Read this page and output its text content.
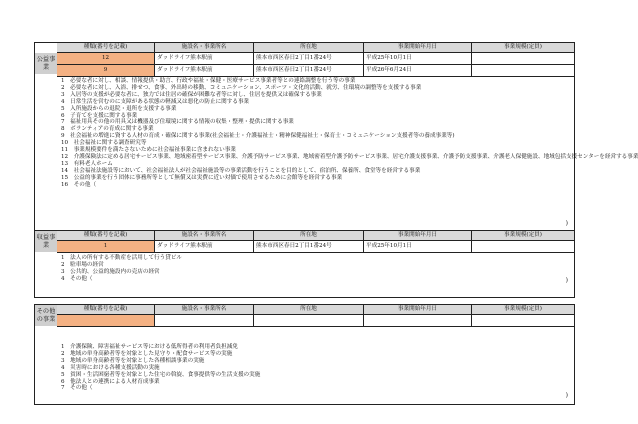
公益事業
種類(番号を記載)	施設名・事業所名	所在地	事業開始年月日	事業規模(定員)
12	ダッドライフ熊本駅前	熊本市西区春日2丁目1番24号	平成25年10月1日
9	ダッドライフ熊本駅前	熊本市西区春日2丁目1番24号	平成26年6月24日
1　必要な者に対し、相談、情報提供・助言、行政や福祉・保健・医療サービス事業者等との連絡調整を行う等の事業
2　必要な者に対し、入浴、排せつ、食事、外出時の移動、コミュニケーション、スポーツ・文化的活動、就労、住環境の調整等を支援する事業
3　入居等の支援が必要な者に、独力では住居の確保が困難な者等に対し、住居を提供又は確保する事業
4　日常生活を営むのに支障がある状態の軽減又は悪化の防止に関する事業
5　入所施設からの退院・退所を支援する事業
6　子育てを支援に関する事業
7　福祉用具その他の用具又は機器及び住環境に関する情報の収集・整理・提供に関する事業
8　ボランティアの育成に関する事業
9　社会福祉の増進に資する人材の育成・確保に関する事業(社会福祉士・介護福祉士・精神保健福祉士・保育士・コミュニケーション支援者等の養成事業等)
10　社会福祉に関する調査研究等
11　事業規模要件を満たさないために社会福祉事業に含まれない事業
12　介護保険法に定める居宅サービス事業、地域密着型サービス事業、介護予防サービス事業、地域密着型介護予防サービス事業、居宅介護支援事業、介護予防支援事業、介護老人保健施設、地域包括支援センターを経営する事業
13　有料老人ホーム
14　社会福祉法施設等において、社会福祉法人が社会福祉施設等の事業活動を行うことを目的として、宿泊所、保養所、食堂等を経営する事業
15　公益的事業を行う団体に事務所等として無償又は実費に近い対価で使用させるために会館等を経営する事業
16　その他（
)
収益事業
種類(番号を記載)	施設名・事業所名	所在地	事業開始年月日	事業規模(定員)
1	ダッドライフ熊本駅前	熊本市西区春日2丁目1番24号	平成25年10月1日
1　法人の所有する不動産を活用して行う貸ビル
2　駐車場の経営
3　公共的、公益的施設内の売店の経営
4　その他（	)
その他の事業
種類(番号を記載)	施設名・事業所名	所在地	事業開始年月日	事業規模(定員)
1　介護保険、障害福祉サービス等における低所得者の利用者負担減免
2　地域の単身高齢者等を対象とした見守り・配食サービス等の実施
3　地域の単身高齢者等を対象とした各種相談事業の実施
4　災害時における各種支援活動の実施
5　貧困・生活困窮者等を対象とした住宅の斡旋、食事提供等の生活支援の実施
6　他法人との連携による人材育成事業
7　その他（
)
